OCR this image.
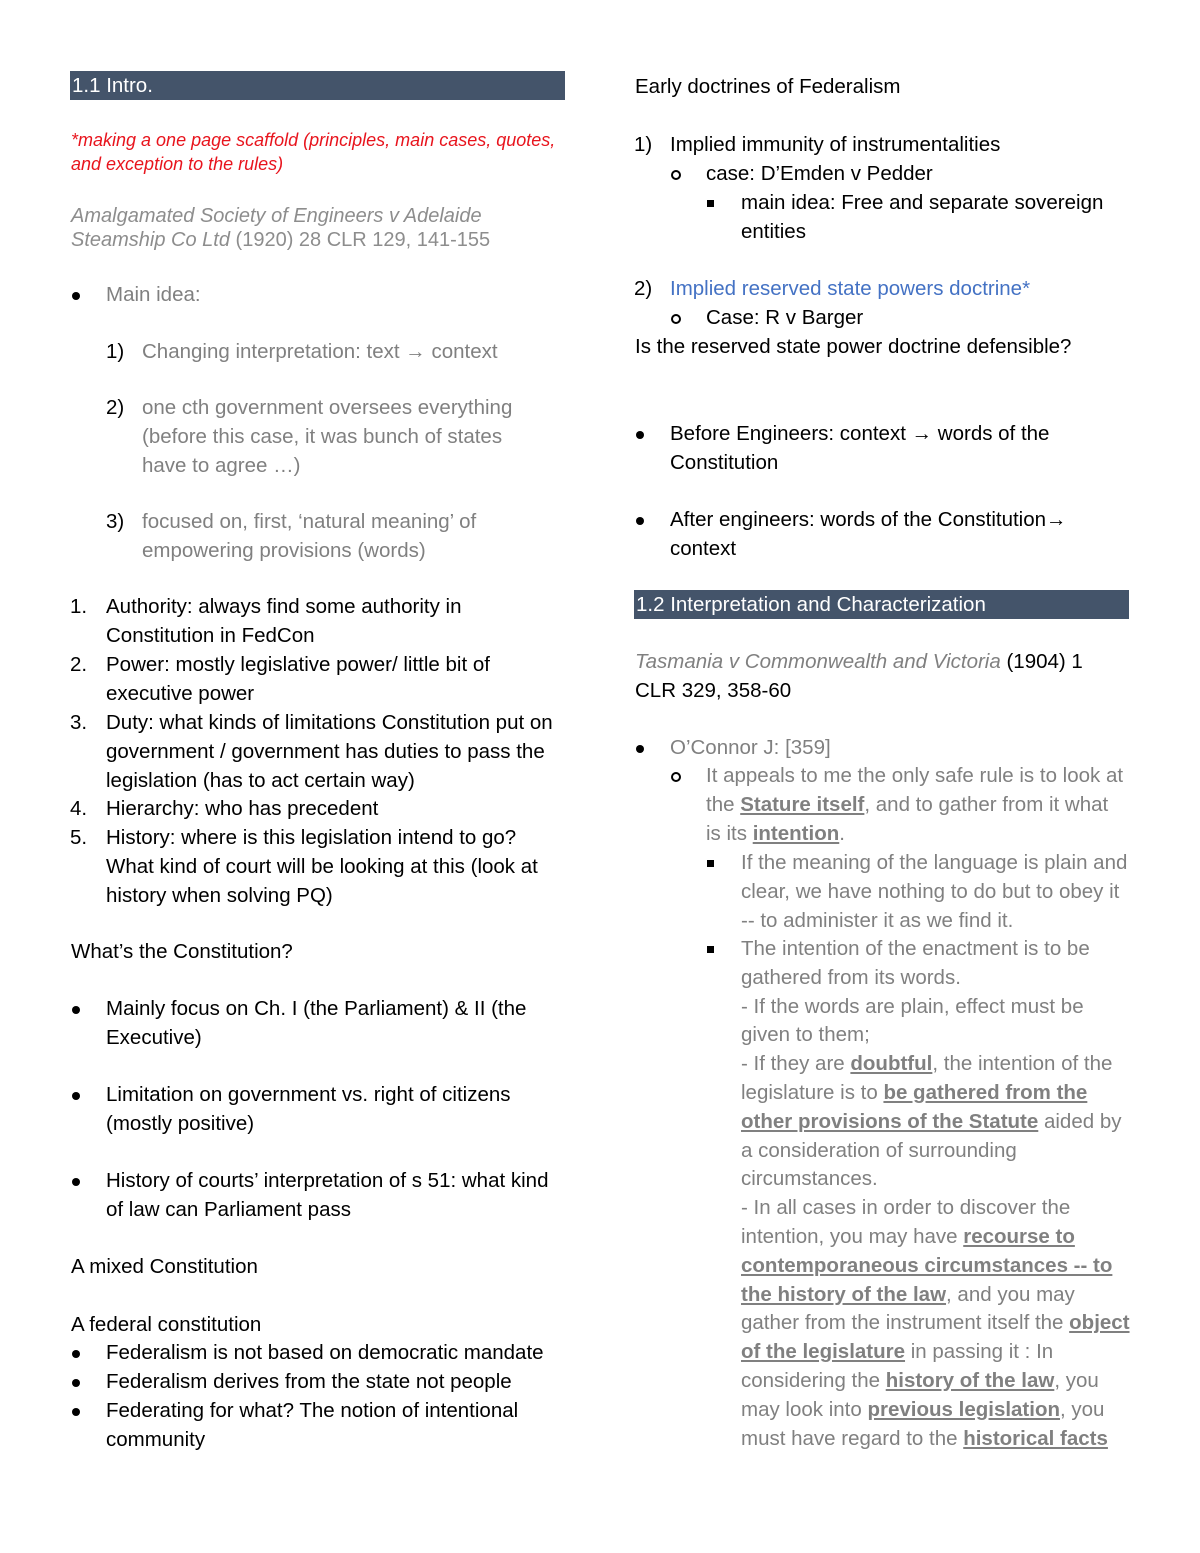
1.1 Intro.
*making a one page scaffold (principles, main cases, quotes, and exception to the rules)
Amalgamated Society of Engineers v Adelaide Steamship Co Ltd (1920) 28 CLR 129, 141-155
Main idea:
1) Changing interpretation: text → context
2) one cth government oversees everything (before this case, it was bunch of states have to agree …)
3) focused on, first, ‘natural meaning’ of empowering provisions (words)
1. Authority: always find some authority in Constitution in FedCon
2. Power: mostly legislative power/ little bit of executive power
3. Duty: what kinds of limitations Constitution put on government / government has duties to pass the legislation (has to act certain way)
4. Hierarchy: who has precedent
5. History: where is this legislation intend to go? What kind of court will be looking at this (look at history when solving PQ)
What’s the Constitution?
Mainly focus on Ch. I (the Parliament) & II (the Executive)
Limitation on government vs. right of citizens (mostly positive)
History of courts’ interpretation of s 51: what kind of law can Parliament pass
A mixed Constitution
A federal constitution
Federalism is not based on democratic mandate
Federalism derives from the state not people
Federating for what? The notion of intentional community
Early doctrines of Federalism
1) Implied immunity of instrumentalities
case: D’Emden v Pedder
main idea: Free and separate sovereign entities
2) Implied reserved state powers doctrine*
Case: R v Barger
Is the reserved state power doctrine defensible?
Before Engineers: context → words of the Constitution
After engineers: words of the Constitution→ context
1.2 Interpretation and Characterization
Tasmania v Commonwealth and Victoria (1904) 1 CLR 329, 358-60
O’Connor J: [359]
It appeals to me the only safe rule is to look at the Stature itself, and to gather from it what is its intention.
If the meaning of the language is plain and clear, we have nothing to do but to obey it -- to administer it as we find it.
The intention of the enactment is to be gathered from its words.
- If the words are plain, effect must be given to them;
- If they are doubtful, the intention of the legislature is to be gathered from the other provisions of the Statute aided by a consideration of surrounding circumstances.
- In all cases in order to discover the intention, you may have recourse to contemporaneous circumstances -- to the history of the law, and you may gather from the instrument itself the object of the legislature in passing it : In considering the history of the law, you may look into previous legislation, you must have regard to the historical facts
